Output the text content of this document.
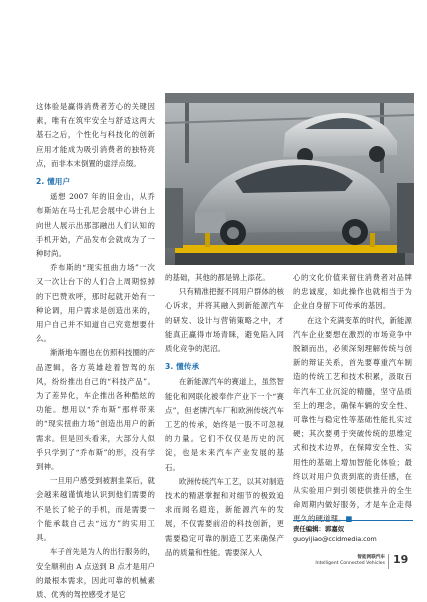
这体验是赢得消费者芳心的关键因素，唯有在筑牢安全与舒适这两大基石之后，个性化与科技化的创新应用才能成为吸引消费者的独特亮点，而非本末倒置的虚浮点缀。

2. 懂用户

遥想 2007 年的旧金山，从乔布斯站在马士孔尼会展中心讲台上向世人展示出那部融出人们认知的手机开始，产品发布会就成为了一种时尚。

乔布斯的“现实扭曲力场”一次又一次让台下的人们合上周期惊掉的下巴赞欢呼，那时起就开始有一种论调，用户需求是创造出来的，用户自己并不知道自己究竟想要什么。

渐渐地车圈也在仿照科技圈的产品逻辑，各方英雄趁着智驾的东风，纷纷推出自己的“科技产品”。为了差异化，车企推出各种酷炫的功能。想用以“乔布斯”那样带来的“现实扭曲力场”创造出用户的新需求。但是回头看来，大部分人似乎只学到了“乔布斯”的形，没有学到神。

一旦用户感受到被割韭菜后，就会越来越谨慎地认识到他们需要的不是长了轮子的手机，而是需要一个能承载自己去“远方”的实用工具。

车子首先是为人的出行服务的，安全顺利由 A 点送到 B 点才是用户的最根本需求，因此可靠的机械素质、优秀的驾控感受才是它

的基础，其他的都是锦上添花。

只有精准把握不同用户群体的核心诉求，并将其融入到新能源汽车的研发、设计与营销策略之中，才能真正赢得市场青睐，避免陷入同质化竞争的泥沼。

3. 懂传承

在新能源汽车的赛道上，虽然智能化和网联化被奉作产业下一个“赛点”，但老牌汽车厂和欧洲传统汽车工艺的传承，始终是一股不可忽视的力量。它们不仅仅是历史的沉淀，也是未来汽车产业发展的基石。

欧洲传统汽车工艺，以其对制造技术的精湛掌握和对细节的极致追求而闻名遐迩，新能源汽车的发展，不仅需要前沿的科技创新，更需要稳定可靠的制造工艺来确保产品的质量和性能。需要深入人

心的文化价值来留住消费者对品牌的忠诚度，如此操作也就相当于为企业自身留下可传承的基因。

在这个充满变革的时代，新能源汽车企业要想在激烈的市场竞争中脱颖而出，必须深刻理解传统与创新的辩证关系，首先要尊重汽车制造的传统工艺和技术积累，汲取百年汽车工业沉淀的精髓，坚守品质至上的理念，确保车辆的安全性、可靠性与稳定性等基础性能扎实过硬；其次要勇于突破传统的思维定式和技术边界，在保障安全性、实用性的基础上增加智能化体验；最终以对用户负责到底的责任感，在从实验用户到引领使供推升的全生命周期内做好服务，才是车企走得更久的硬道理。■

责任编辑：郭嘉奴
guoyijiao@ccidmedia.com
智能网联汽车
Intelligent Connected Vehicles 19
